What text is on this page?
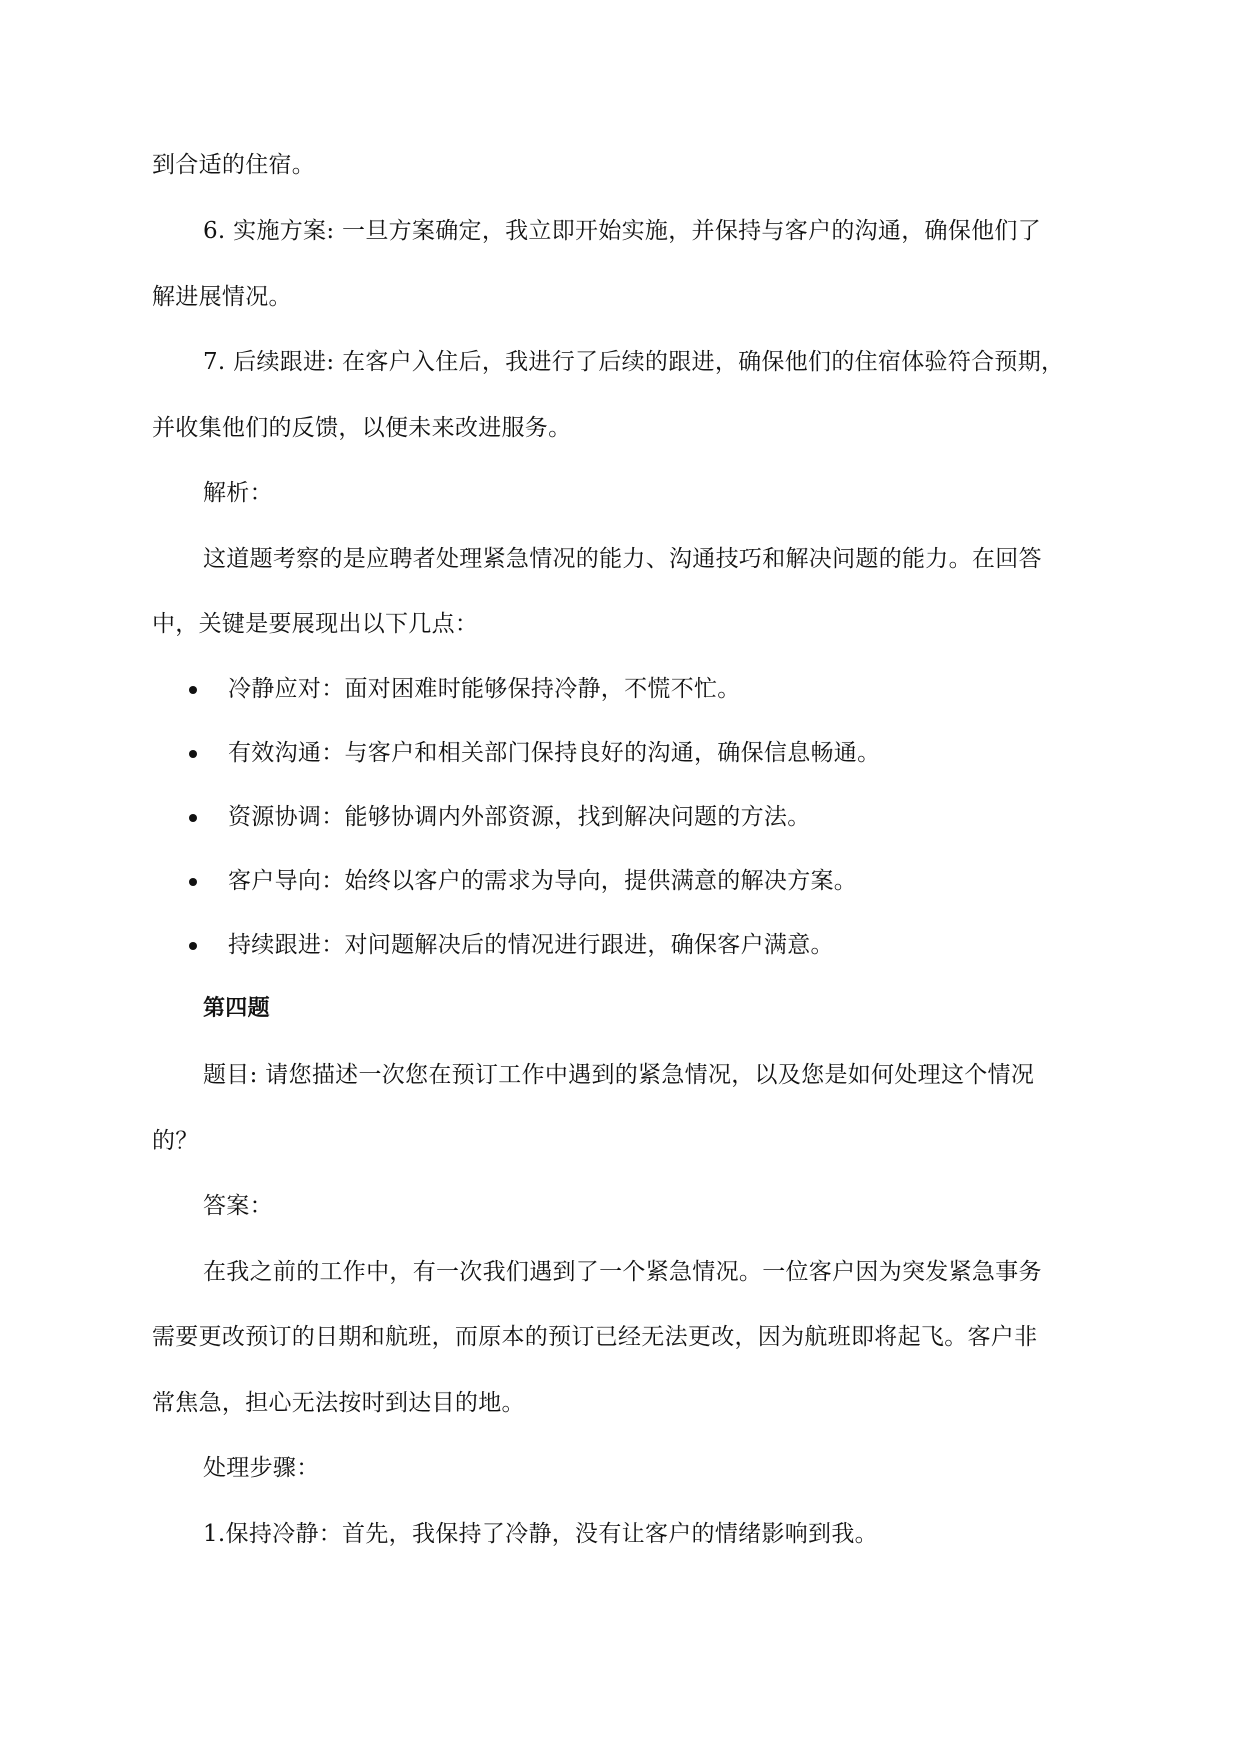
到合适的住宿。
6. 实施方案: 一旦方案确定，我立即开始实施，并保持与客户的沟通，确保他们了
解进展情况。
7. 后续跟进: 在客户入住后，我进行了后续的跟进，确保他们的住宿体验符合预期，
并收集他们的反馈，以便未来改进服务。
解析：
这道题考察的是应聘者处理紧急情况的能力、沟通技巧和解决问题的能力。在回答
中，关键是要展现出以下几点：
冷静应对：面对困难时能够保持冷静，不慌不忙。
有效沟通：与客户和相关部门保持良好的沟通，确保信息畅通。
资源协调：能够协调内外部资源，找到解决问题的方法。
客户导向：始终以客户的需求为导向，提供满意的解决方案。
持续跟进：对问题解决后的情况进行跟进，确保客户满意。
第四题
题目: 请您描述一次您在预订工作中遇到的紧急情况，以及您是如何处理这个情况
的？
答案：
在我之前的工作中，有一次我们遇到了一个紧急情况。一位客户因为突发紧急事务
需要更改预订的日期和航班，而原本的预订已经无法更改，因为航班即将起飞。客户非
常焦急，担心无法按时到达目的地。
处理步骤：
1.保持冷静：首先，我保持了冷静，没有让客户的情绪影响到我。
